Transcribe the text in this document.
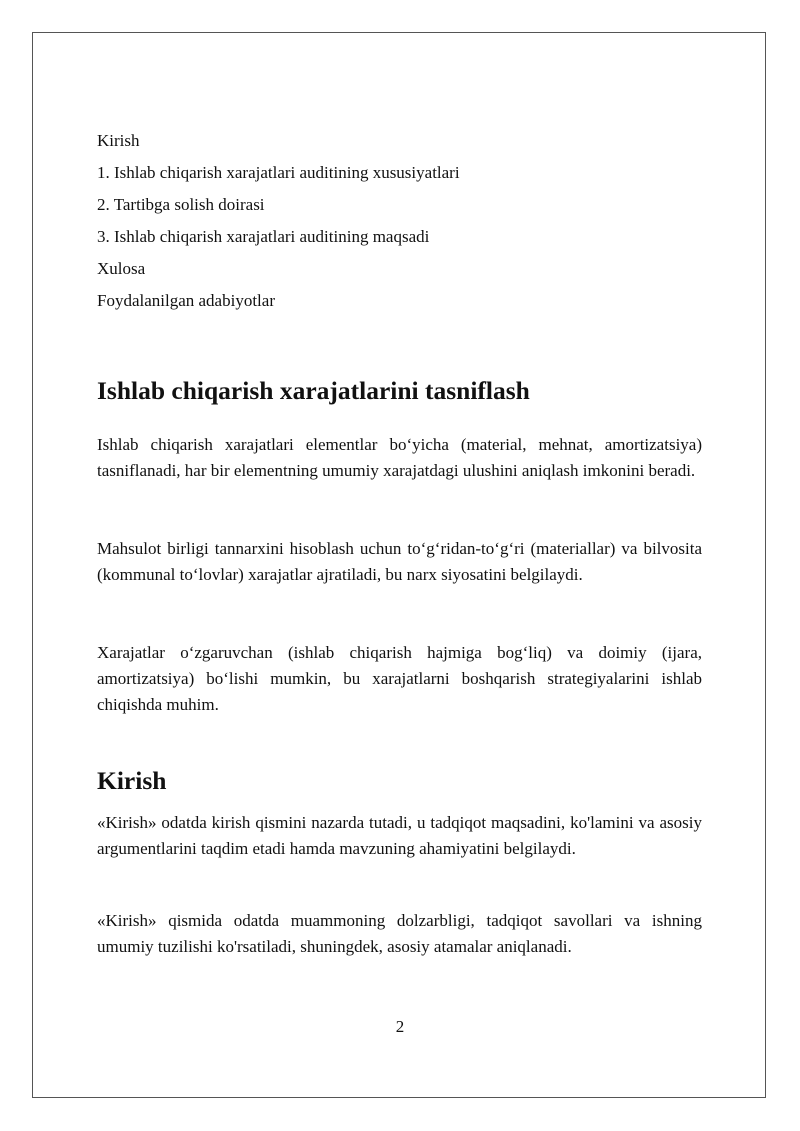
Kirish

1. Ishlab chiqarish xarajatlari auditining xususiyatlari

2. Tartibga solish doirasi

3. Ishlab chiqarish xarajatlari auditining maqsadi

Xulosa

Foydalanilgan adabiyotlar

Ishlab chiqarish xarajatlarini tasniflash

Ishlab chiqarish xarajatlari elementlar bo‘yicha (material, mehnat, amortizatsiya) tasniflanadi, har bir elementning umumiy xarajatdagi ulushini aniqlash imkonini beradi.

Mahsulot birligi tannarxini hisoblash uchun to‘g‘ridan-to‘g‘ri (materiallar) va bilvosita (kommunal to‘lovlar) xarajatlar ajratiladi, bu narx siyosatini belgilaydi.

Xarajatlar o‘zgaruvchan (ishlab chiqarish hajmiga bog‘liq) va doimiy (ijara, amortizatsiya) bo‘lishi mumkin, bu xarajatlarni boshqarish strategiyalarini ishlab chiqishda muhim.

Kirish

«Kirish» odatda kirish qismini nazarda tutadi, u tadqiqot maqsadini, ko'lamini va asosiy argumentlarini taqdim etadi hamda mavzuning ahamiyatini belgilaydi.

«Kirish» qismida odatda muammoning dolzarbligi, tadqiqot savollari va ishning umumiy tuzilishi ko'rsatiladi, shuningdek, asosiy atamalar aniqlanadi.

2
